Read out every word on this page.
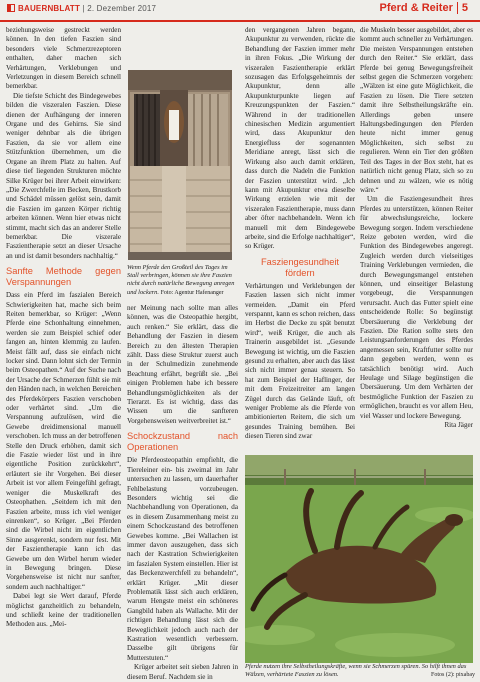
BAUERNBLATT | 2. Dezember 2017	Pferd & Reiter 5

beziehungsweise gestreckt werden können. In den tiefen Faszien sind besonders viele Schmerzrezeptoren enthalten, daher machen sich Verhärtungen, Verklebungen und Verletzungen in diesem Bereich schnell bemerkbar.

Die tiefste Schicht des Bindegewebes bilden die viszeralen Faszien. Diese dienen der Aufhängung der inneren Organe und des Gehirns. Sie sind weniger dehnbar als die übrigen Faszien, da sie vor allem eine Stützfunktion übernehmen, um die Organe an ihrem Platz zu halten. Auf diese tief liegenden Strukturen möchte Silke Krüger bei ihrer Arbeit einwirken: „Die Zwerchfelle im Becken, Brustkorb und Schädel müssen gelöst sein, damit die Faszien im ganzen Körper richtig arbeiten können. Wenn hier etwas nicht stimmt, macht sich das an anderer Stelle bemerkbar. Die viszerale Faszientherapie setzt an dieser Ursache an und ist damit besonders nachhaltig.“

Sanfte Methode gegen Verspannungen

Dass ein Pferd im faszialen Bereich Schwierigkeiten hat, mache sich beim Reiten bemerkbar, so Krüger: „Wenn Pferde eine Schonhaltung einnehmen, werden sie zum Beispiel schief oder fangen an, hinten klemmig zu laufen. Meist fällt auf, dass sie einfach nicht locker sind. Dann lohnt sich der Termin beim Osteopathen.“ Auf der Suche nach der Ursache der Schmerzen fühlt sie mit den Händen nach, in welchen Bereichen des Pferdekörpers Faszien verschoben oder verhärtet sind. „Um die Verspannung aufzulösen, wird die Gewebe dreidimensional manuell verschoben. Ich muss an der betroffenen Stelle den Druck erhöhen, damit sich die Faszie wieder löst und in ihre eigentliche Position zurückkehrt“, erläutert sie ihr Vorgehen. Bei dieser Arbeit ist vor allem Feingefühl gefragt, weniger die Muskelkraft des Osteophathen. „Seitdem ich mit den Faszien arbeite, muss ich viel weniger einrenken“, so Krüger. „Bei Pferden sind die Wirbel nicht im eigentlichen Sinne ausgerenkt, sondern nur fest. Mit der Faszientherapie kann ich das Gewebe um den Wirbel herum wieder in Bewegung bringen. Diese Vorgehensweise ist nicht nur sanfter, sondern auch nachhaltiger.“

Dabei legt sie Wert darauf, Pferde möglichst ganzheitlich zu behandeln, und schließt keine der traditionellen Methoden aus. „Mei-

Wenn Pferde den Großteil des Tages im Stall verbringen, können sie ihre Faszien nicht durch natürliche Bewegung anregen und lockern. Foto: Agentur Hafenanger

ner Meinung nach sollte man alles können, was die Osteopathie hergibt, auch renken.“ Sie erklärt, dass die Behandlung der Faszien in diesem Bereich zu den ältesten Therapien zählt. Dass diese Struktur zuerst auch in der Schulmedizin zunehmende Beachtung erfährt, begrüßt sie. „Bei einigen Problemen habe ich bessere Behandlungsmöglichkeiten als der Tierarzt. Es ist wichtig, dass das Wissen um die sanfteren Vorgehensweisen weitverbreitet ist.“

Schockzustand nach Operationen

Die Pferdeosteopathin empfiehlt, die Tiereleiner ein- bis zweimal im Jahr untersuchen zu lassen, um dauerhafter Fehlbelastung vorzubeugen. Besonders wichtig sei die Nachbehandlung von Operationen, da es in diesem Zusammenhang meist zu einem Schockzustand des betroffenen Gewebes komme. „Bei Wallachen ist immer davon auszugehen, dass sich nach der Kastration Schwierigkeiten im faszialen System einstellen. Hier ist das Beckenzwerchfell zu behandeln“, erklärt Krüger. „Mit dieser Problematik lässt sich auch erklären, warum Hengste meist ein schöneres Gangbild haben als Wallache. Mit der richtigen Behandlung lässt sich die Beweglichkeit jedoch auch nach der Kastration wesentlich verbessern. Dasselbe gilt übrigens für Mutterstuten.“

Krüger arbeitet seit sieben Jahren in diesem Beruf. Nachdem sie in

den vergangenen Jahren begann, Akupunktur zu verwenden, rückte die Behandlung der Faszien immer mehr in ihren Fokus. „Die Wirkung der viszeralen Faszientherapie erklärt sozusagen das Erfolgsgeheimnis der Akupunktur, denn alle Akupunkturpunkte liegen auf Kreuzungspunkten der Faszien.“ Während in der traditionellen chinesischen Medizin argumentiert wird, dass Akupunktur den Energiefluss der sogenannten Meridiane anregt, lässt sich die Wirkung also auch damit erklären, dass durch die Nadeln die Funktion der Faszien unterstützt wird. „Ich kann mit Akupunktur etwa dieselbe Wirkung erzielen wie mit der viszeralen Faszientherapie, muss dann aber öfter nachbehandeln. Wenn ich manuell mit dem Bindegewebe arbeite, sind die Erfolge nachhaltiger“, so Krüger.

Fasziengesundheit fördern

Verhärtungen und Verklebungen der Faszien lassen sich nicht immer vermeiden. „Damit ein Pferd verspannt, kann es schon reichen, dass im Herbst die Decke zu spät benutzt wird“, weiß Krüger, die auch als Trainerin ausgebildet ist. „Gesunde Bewegung ist wichtig, um die Faszien gesund zu erhalten, aber auch das lässt sich nicht immer genau steuern. So hat zum Beispiel der Haflinger, der mit dem Freizeitreiter am langen Zügel durch das Gelände läuft, oft weniger Probleme als die Pferde von ambitionierten Reitern, die sich um gesundes Training bemühen. Bei diesen Tieren sind zwar

die Muskeln besser ausgebildet, aber es kommt auch schneller zu Verhärtungen. Die meisten Verspannungen entstehen durch den Reiter.“ Sie erklärt, dass Pferde bei genug Bewegungsfreiheit selbst gegen die Schmerzen vorgehen: „Wälzen ist eine gute Möglichkeit, die Faszien zu lösen. Die Tiere setzten damit ihre Selbstheilungskräfte ein. Allerdings geben unsere Haltungsbedingungen den Pferden heute nicht immer genug Möglichkeiten, sich selbst zu regulieren. Wenn ein Tier den größten Teil des Tages in der Box steht, hat es natürlich nicht genug Platz, sich so zu dehnen und zu wälzen, wie es nötig wäre.“

Um die Fasziengesundheit ihres Pferdes zu unterstützen, können Reiter für abwechslungsreiche, lockere Bewegung sorgen. Indem verschiedene Reize geboten werden, wird die Funktion des Bindegewebes angeregt. Zugleich werden durch vielseitiges Training Verklebungen vermieden, die durch Bewegungsmangel entstehen können, und einseitiger Belastung vorgebeugt, die Verspannungen verursacht. Auch das Futter spielt eine entscheidende Rolle: So begünstigt Übersäuerung die Verklebung der Faszien. Die Ration sollte stets den Leistungsanforderungen des Pferdes angemessen sein, Kraftfutter sollte nur dann gegeben werden, wenn es tatsächlich benötigt wird. Auch Heulage und Silage begünstigen die Übersäuerung. Um dem Verhärten der bestmögliche Funktion der Faszien zu ermöglichen, braucht es vor allem Heu, viel Wasser und lockere Bewegung.

Rita Jäger
Pferde nutzen ihre Selbstheilungskräfte, wenn sie Schmerzen spüren. So hilft ihnen das Wälzen, verhärtete Faszien zu lösen.	Fotos (2): pixabay
